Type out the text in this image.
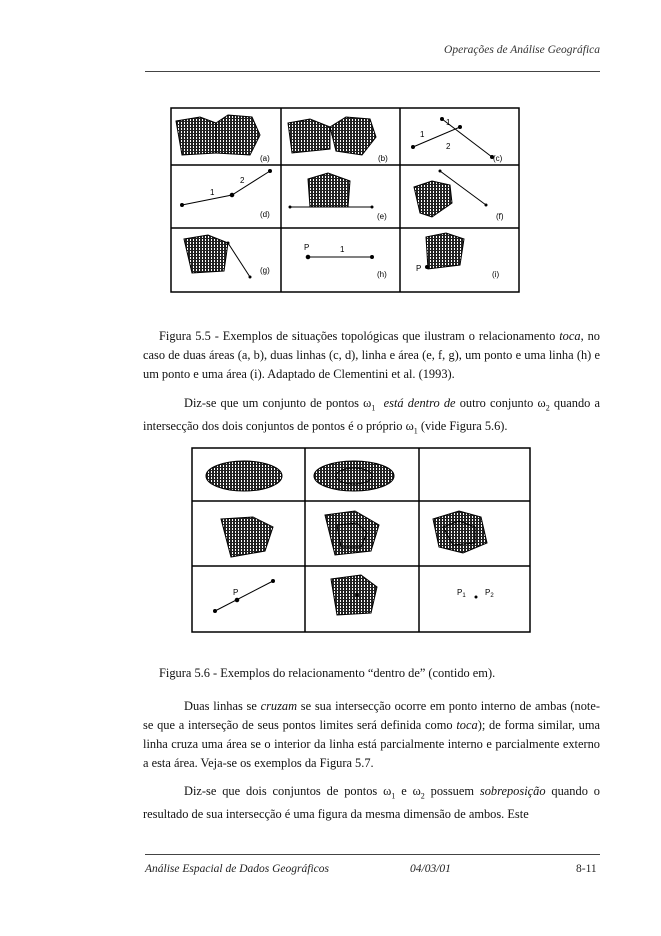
Operações de Análise Geográfica
(a)	(b)
1
1
2
(c)
1
2
(d)	(e)	(f)
(g)
P	1
(h)
P
(i)
Figura 5.5 - Exemplos de situações topológicas que ilustram o relacionamento toca, no caso de duas áreas (a, b), duas linhas (c, d), linha e área (e, f, g), um ponto e uma linha (h) e um ponto e uma área (i). Adaptado de Clementini et al. (1993).
Diz-se que um conjunto de pontos $\omega_1$ está dentro de outro conjunto $\omega_2$ quando a intersecção dos dois conjuntos de pontos é o próprio $\omega_1$ (vide Figura 5.6).
P	$P_1$ $P_2$
Figura 5.6 - Exemplos do relacionamento “dentro de” (contido em).
Duas linhas se cruzam se sua intersecção ocorre em ponto interno de ambas (note-se que a interseção de seus pontos limites será definida como toca); de forma similar, uma linha cruza uma área se o interior da linha está parcialmente interno e parcialmente externo a esta área. Veja-se os exemplos da Figura 5.7.
Diz-se que dois conjuntos de pontos $\omega_1$ e $\omega_2$ possuem sobreposição quando o resultado de sua intersecção é uma figura da mesma dimensão de ambos. Este
Análise Espacial de Dados Geográficos	04/03/01	8-11
